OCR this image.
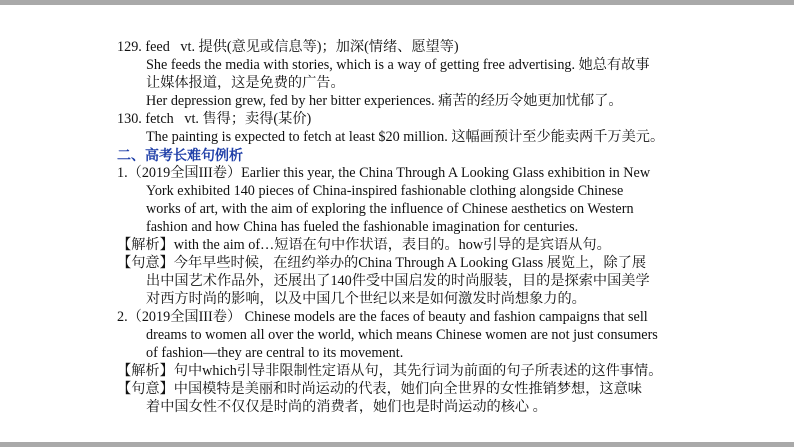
129. feed   vt. 提供(意见或信息等)；加深(情绪、愿望等)
She feeds the media with stories, which is a way of getting free advertising. 她总有故事
让媒体报道，这是免费的广告。
Her depression grew, fed by her bitter experiences. 痛苦的经历令她更加忧郁了。
130. fetch   vt. 售得；卖得(某价)
The painting is expected to fetch at least $20 million. 这幅画预计至少能卖两千万美元。
二、高考长难句例析
1.（2019全国III卷）Earlier this year, the China Through A Looking Glass exhibition in New
York exhibited 140 pieces of China-inspired fashionable clothing alongside Chinese
works of art, with the aim of exploring the influence of Chinese aesthetics on Western
fashion and how China has fueled the fashionable imagination for centuries.
【解析】with the aim of…短语在句中作状语，表目的。how引导的是宾语从句。
【句意】今年早些时候，在纽约举办的China Through A Looking Glass 展览上，除了展
出中国艺术作品外，还展出了140件受中国启发的时尚服装，目的是探索中国美学
对西方时尚的影响，以及中国几个世纪以来是如何激发时尚想象力的。
2.（2019全国III卷） Chinese models are the faces of beauty and fashion campaigns that sell
dreams to women all over the world, which means Chinese women are not just consumers
of fashion—they are central to its movement.
【解析】句中which引导非限制性定语从句，其先行词为前面的句子所表述的这件事情。
【句意】中国模特是美丽和时尚运动的代表，她们向全世界的女性推销梦想，这意味
着中国女性不仅仅是时尚的消费者，她们也是时尚运动的核心 。
